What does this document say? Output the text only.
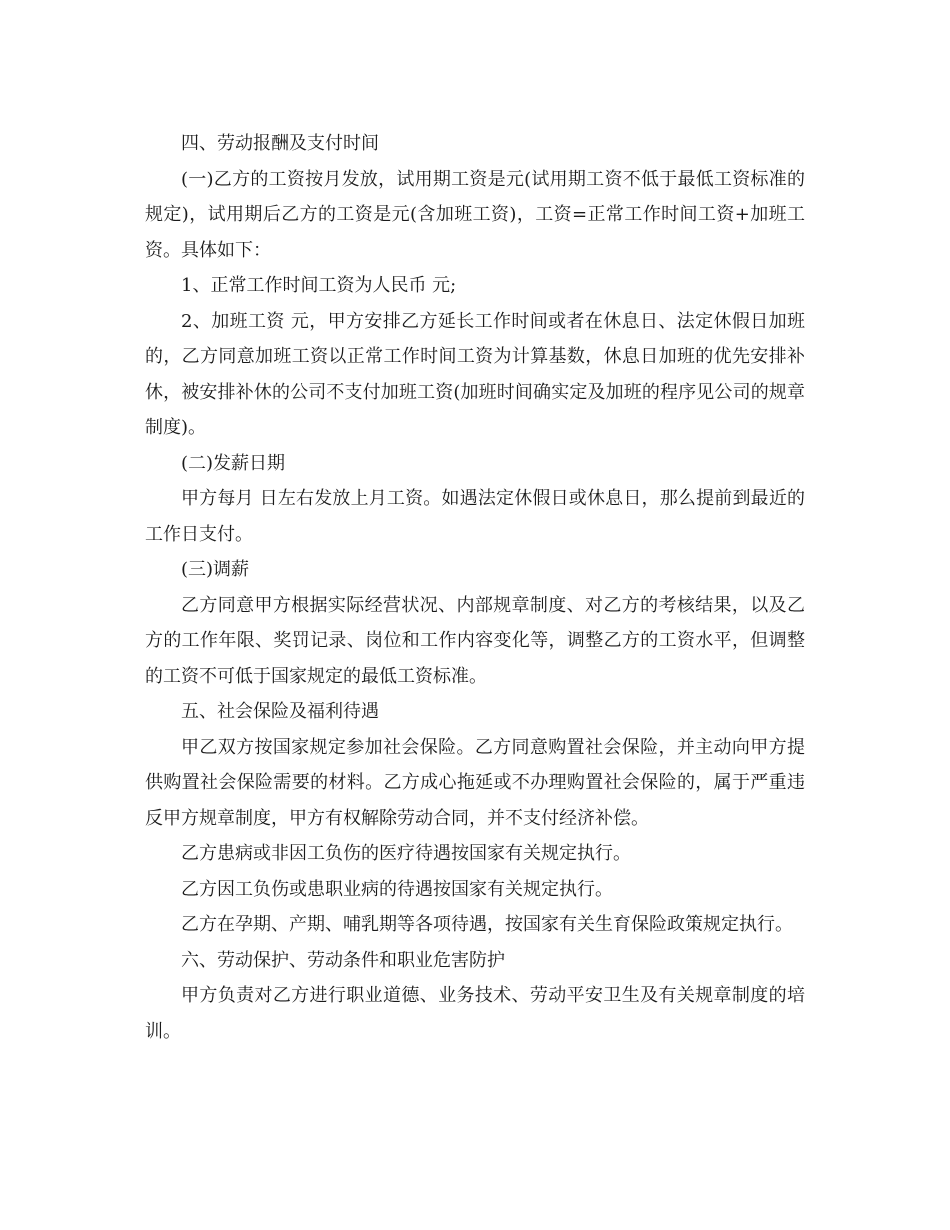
四、劳动报酬及支付时间

(一)乙方的工资按月发放，试用期工资是元(试用期工资不低于最低工资标准的规定)，试用期后乙方的工资是元(含加班工资)，工资=正常工作时间工资+加班工资。具体如下：

1、正常工作时间工资为人民币 元;

2、加班工资 元，甲方安排乙方延长工作时间或者在休息日、法定休假日加班的，乙方同意加班工资以正常工作时间工资为计算基数，休息日加班的优先安排补休，被安排补休的公司不支付加班工资(加班时间确实定及加班的程序见公司的规章制度)。

(二)发薪日期

甲方每月 日左右发放上月工资。如遇法定休假日或休息日，那么提前到最近的工作日支付。

(三)调薪

乙方同意甲方根据实际经营状况、内部规章制度、对乙方的考核结果，以及乙方的工作年限、奖罚记录、岗位和工作内容变化等，调整乙方的工资水平，但调整的工资不可低于国家规定的最低工资标准。

五、社会保险及福利待遇

甲乙双方按国家规定参加社会保险。乙方同意购置社会保险，并主动向甲方提供购置社会保险需要的材料。乙方成心拖延或不办理购置社会保险的，属于严重违反甲方规章制度，甲方有权解除劳动合同，并不支付经济补偿。

乙方患病或非因工负伤的医疗待遇按国家有关规定执行。

乙方因工负伤或患职业病的待遇按国家有关规定执行。

乙方在孕期、产期、哺乳期等各项待遇，按国家有关生育保险政策规定执行。

六、劳动保护、劳动条件和职业危害防护

甲方负责对乙方进行职业道德、业务技术、劳动平安卫生及有关规章制度的培训。
